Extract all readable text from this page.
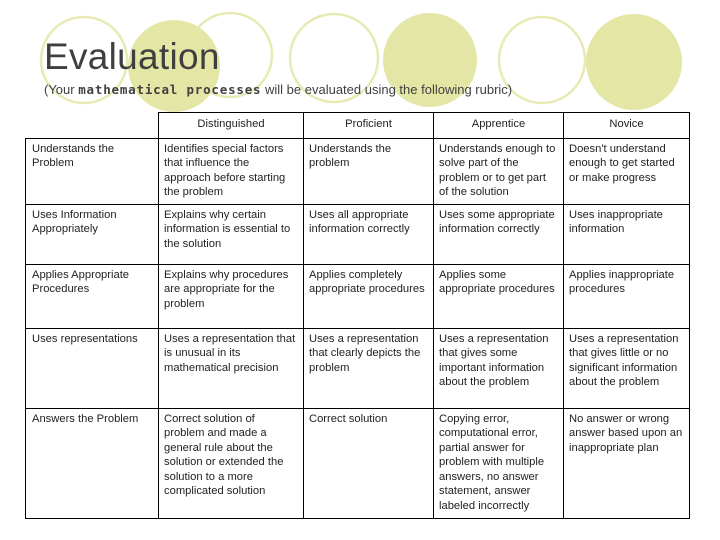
Evaluation
(Your mathematical processes will be evaluated using the following rubric)
	Distinguished	Proficient	Apprentice	Novice
Understands the Problem	Identifies special factors that influence the approach before starting the problem	Understands the problem	Understands enough to solve part of the problem or to get part of the solution	Doesn't understand enough to get started or make progress
Uses Information Appropriately	Explains why certain information is essential to the solution	Uses all appropriate information correctly	Uses some appropriate information correctly	Uses inappropriate information
Applies Appropriate Procedures	Explains why procedures are appropriate for the problem	Applies completely appropriate procedures	Applies some appropriate procedures	Applies inappropriate procedures
Uses representations	Uses a representation that is unusual in its mathematical precision	Uses a representation that clearly depicts the problem	Uses a representation that gives some important information about the problem	Uses a representation that gives little or no significant information about the problem
Answers the Problem	Correct solution of problem and made a general rule about the solution or extended the solution to a more complicated solution	Correct solution	Copying error, computational error, partial answer for problem with multiple answers, no answer statement, answer labeled incorrectly	No answer or wrong answer based upon an inappropriate plan
